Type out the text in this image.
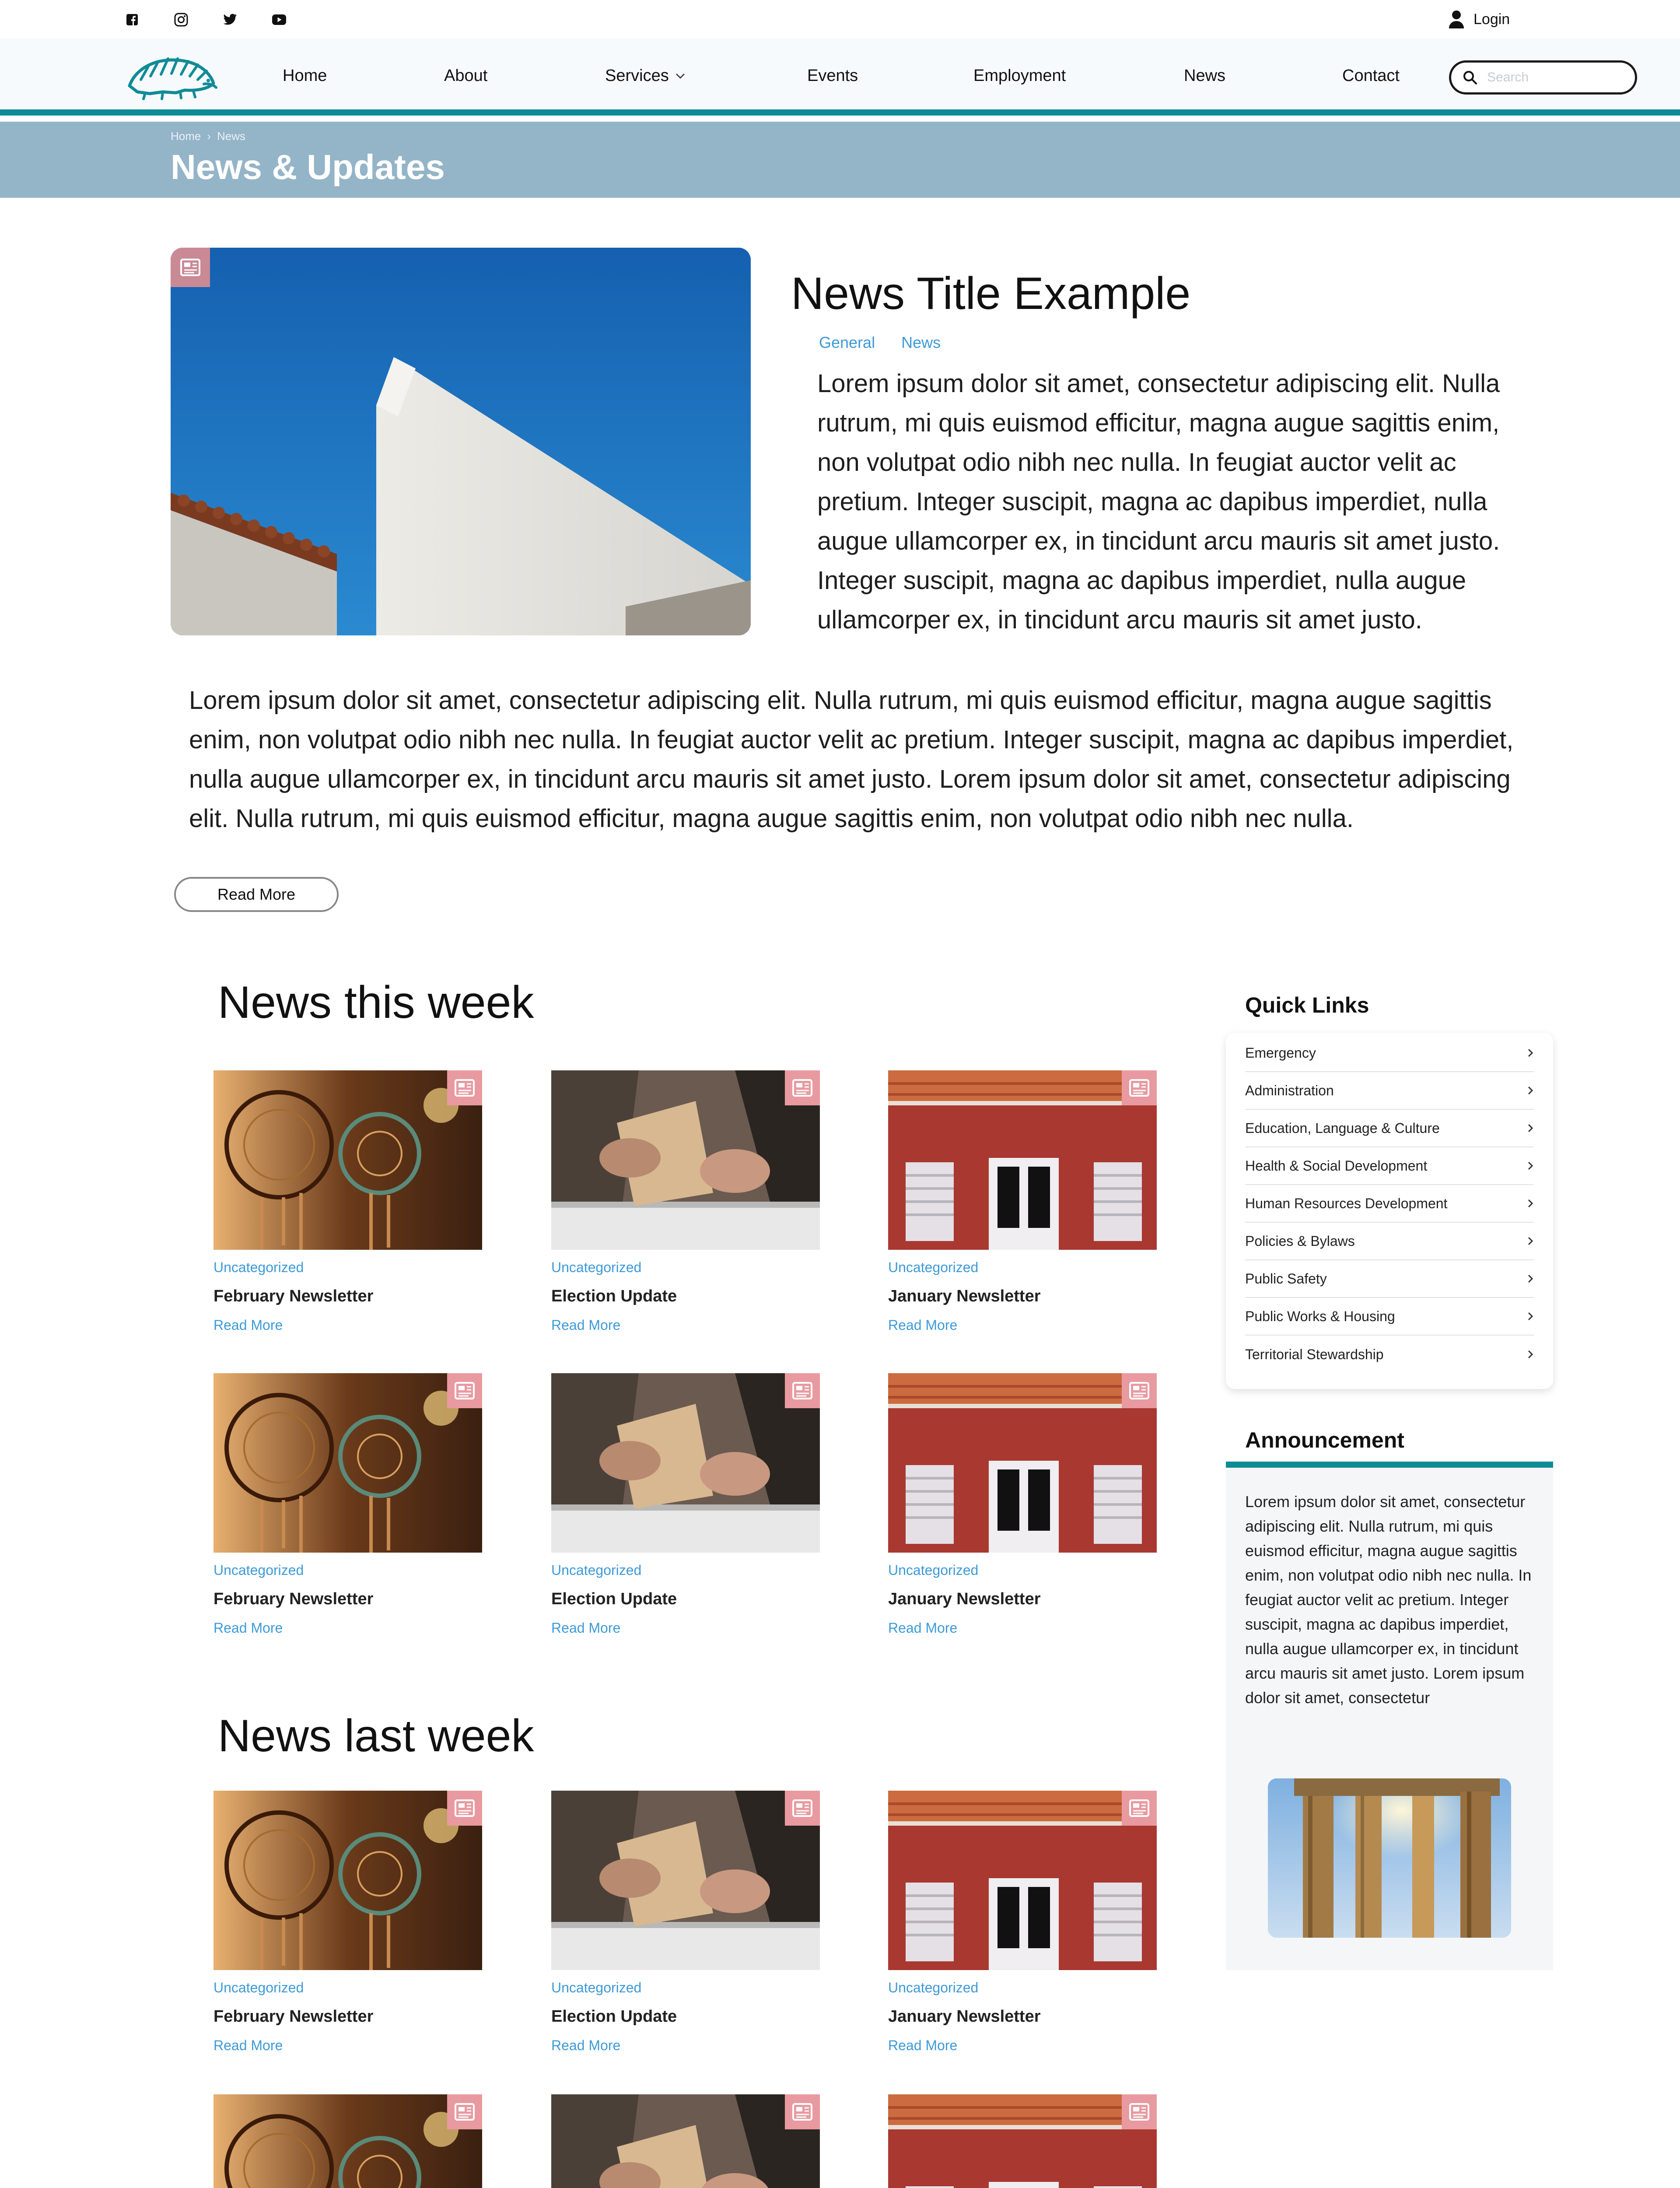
Login
Home	About	Services	Events	Employment	News	Contact
Search
Home › News
News & Updates
News Title Example
General News

Lorem ipsum dolor sit amet, consectetur adipiscing elit. Nulla rutrum, mi quis euismod efficitur, magna augue sagittis enim, non volutpat odio nibh nec nulla. In feugiat auctor velit ac pretium. Integer suscipit, magna ac dapibus imperdiet, nulla augue ullamcorper ex, in tincidunt arcu mauris sit amet justo. Integer suscipit, magna ac dapibus imperdiet, nulla augue ullamcorper ex, in tincidunt arcu mauris sit amet justo.

Lorem ipsum dolor sit amet, consectetur adipiscing elit. Nulla rutrum, mi quis euismod efficitur, magna augue sagittis enim, non volutpat odio nibh nec nulla. In feugiat auctor velit ac pretium. Integer suscipit, magna ac dapibus imperdiet, nulla augue ullamcorper ex, in tincidunt arcu mauris sit amet justo. Lorem ipsum dolor sit amet, consectetur adipiscing elit. Nulla rutrum, mi quis euismod efficitur, magna augue sagittis enim, non volutpat odio nibh nec nulla.

Read More
News this week
Uncategorized
February Newsletter
Read More
Uncategorized
Election Update
Read More
Uncategorized
January Newsletter
Read More
Uncategorized
February Newsletter
Read More
Uncategorized
Election Update
Read More
Uncategorized
January Newsletter
Read More
News last week
Uncategorized
February Newsletter
Read More
Uncategorized
Election Update
Read More
Uncategorized
January Newsletter
Read More
Quick Links
Emergency
Administration
Education, Language & Culture
Health & Social Development
Human Resources Development
Policies & Bylaws
Public Safety
Public Works & Housing
Territorial Stewardship
Announcement

Lorem ipsum dolor sit amet, consectetur adipiscing elit. Nulla rutrum, mi quis euismod efficitur, magna augue sagittis enim, non volutpat odio nibh nec nulla. In feugiat auctor velit ac pretium. Integer suscipit, magna ac dapibus imperdiet, nulla augue ullamcorper ex, in tincidunt arcu mauris sit amet justo. Lorem ipsum dolor sit amet, consectetur
